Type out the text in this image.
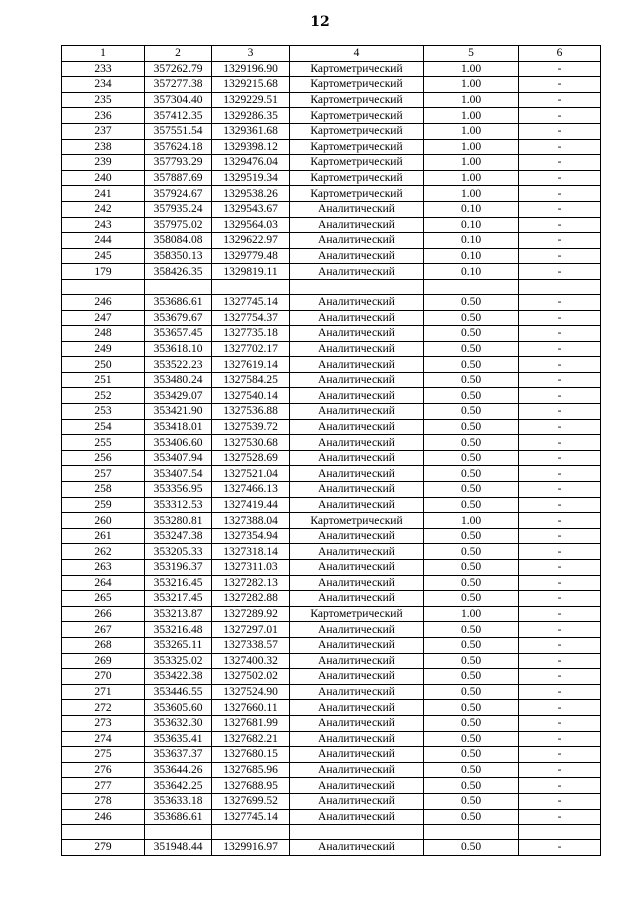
12
1	2	3	4	5	6
233	357262.79	1329196.90	Картометрический	1.00	-
234	357277.38	1329215.68	Картометрический	1.00	-
235	357304.40	1329229.51	Картометрический	1.00	-
236	357412.35	1329286.35	Картометрический	1.00	-
237	357551.54	1329361.68	Картометрический	1.00	-
238	357624.18	1329398.12	Картометрический	1.00	-
239	357793.29	1329476.04	Картометрический	1.00	-
240	357887.69	1329519.34	Картометрический	1.00	-
241	357924.67	1329538.26	Картометрический	1.00	-
242	357935.24	1329543.67	Аналитический	0.10	-
243	357975.02	1329564.03	Аналитический	0.10	-
244	358084.08	1329622.97	Аналитический	0.10	-
245	358350.13	1329779.48	Аналитический	0.10	-
179	358426.35	1329819.11	Аналитический	0.10	-

246	353686.61	1327745.14	Аналитический	0.50	-
247	353679.67	1327754.37	Аналитический	0.50	-
248	353657.45	1327735.18	Аналитический	0.50	-
249	353618.10	1327702.17	Аналитический	0.50	-
250	353522.23	1327619.14	Аналитический	0.50	-
251	353480.24	1327584.25	Аналитический	0.50	-
252	353429.07	1327540.14	Аналитический	0.50	-
253	353421.90	1327536.88	Аналитический	0.50	-
254	353418.01	1327539.72	Аналитический	0.50	-
255	353406.60	1327530.68	Аналитический	0.50	-
256	353407.94	1327528.69	Аналитический	0.50	-
257	353407.54	1327521.04	Аналитический	0.50	-
258	353356.95	1327466.13	Аналитический	0.50	-
259	353312.53	1327419.44	Аналитический	0.50	-
260	353280.81	1327388.04	Картометрический	1.00	-
261	353247.38	1327354.94	Аналитический	0.50	-
262	353205.33	1327318.14	Аналитический	0.50	-
263	353196.37	1327311.03	Аналитический	0.50	-
264	353216.45	1327282.13	Аналитический	0.50	-
265	353217.45	1327282.88	Аналитический	0.50	-
266	353213.87	1327289.92	Картометрический	1.00	-
267	353216.48	1327297.01	Аналитический	0.50	-
268	353265.11	1327338.57	Аналитический	0.50	-
269	353325.02	1327400.32	Аналитический	0.50	-
270	353422.38	1327502.02	Аналитический	0.50	-
271	353446.55	1327524.90	Аналитический	0.50	-
272	353605.60	1327660.11	Аналитический	0.50	-
273	353632.30	1327681.99	Аналитический	0.50	-
274	353635.41	1327682.21	Аналитический	0.50	-
275	353637.37	1327680.15	Аналитический	0.50	-
276	353644.26	1327685.96	Аналитический	0.50	-
277	353642.25	1327688.95	Аналитический	0.50	-
278	353633.18	1327699.52	Аналитический	0.50	-
246	353686.61	1327745.14	Аналитический	0.50	-

279	351948.44	1329916.97	Аналитический	0.50	-
